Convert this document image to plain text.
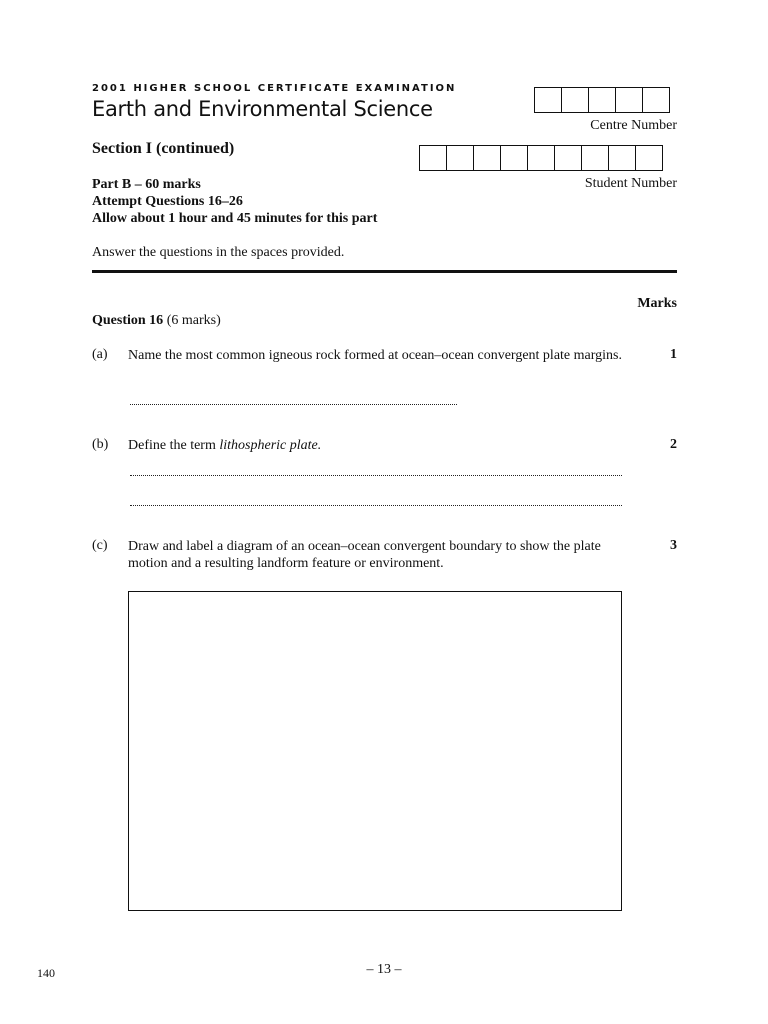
2001 HIGHER SCHOOL CERTIFICATE EXAMINATION
Earth and Environmental Science
Centre Number
Section I (continued)
Student Number
Part B – 60 marks
Attempt Questions 16–26
Allow about 1 hour and 45 minutes for this part
Answer the questions in the spaces provided.
Marks
Question 16 (6 marks)
(a) Name the most common igneous rock formed at ocean–ocean convergent plate margins.	1
(b) Define the term lithospheric plate.	2
(c) Draw and label a diagram of an ocean–ocean convergent boundary to show the plate motion and a resulting landform feature or environment.
3
– 13 –
140
